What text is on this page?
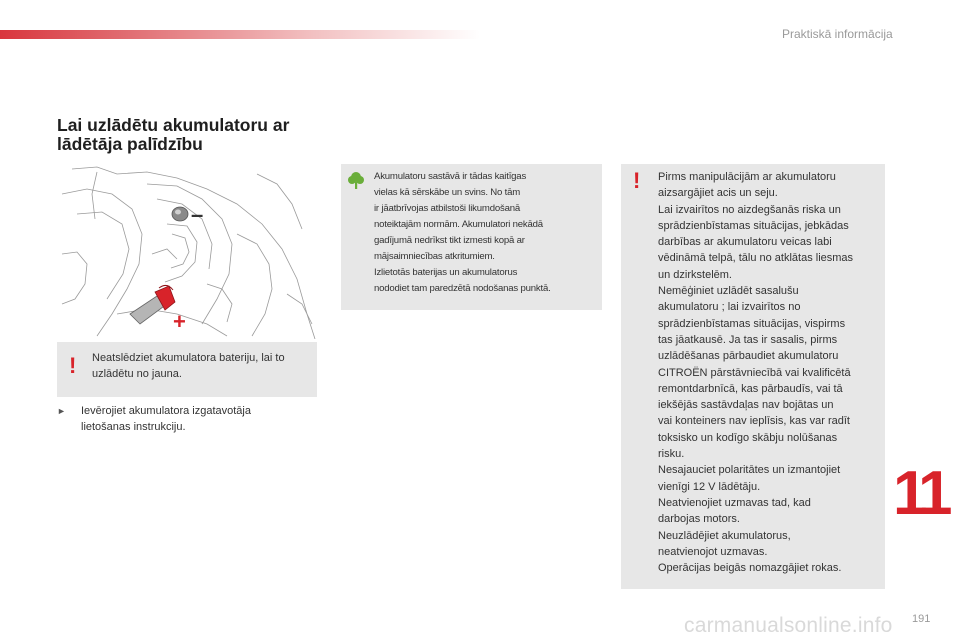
Praktiskā informācija
Lai uzlādētu akumulatoru ar
lādētāja palīdzību
–
+
! Neatslēdziet akumulatora bateriju, lai to

uzlādētu no jauna.

► Ievērojiet akumulatora izgatavotāja

lietošanas instrukciju.

Akumulatoru sastāvā ir tādas kaitīgas

vielas kā sērskābe un svins. No tām

ir jāatbrīvojas atbilstoši likumdošanā

noteiktajām normām. Akumulatori nekādā

gadījumā nedrīkst tikt izmesti kopā ar

mājsaimniecības atkritumiem.

Izlietotās baterijas un akumulatorus

nododiet tam paredzētā nodošanas punktā.

! Pirms manipulācijām ar akumulatoru

aizsargājiet acis un seju.

Lai izvairītos no aizdegšanās riska un

sprādzienbīstamas situācijas, jebkādas

darbības ar akumulatoru veicas labi

vēdināmā telpā, tālu no atklātas liesmas

un dzirkstelēm.

Nemēģiniet uzlādēt sasalušu

akumulatoru ; lai izvairītos no

sprādzienbīstamas situācijas, vispirms

tas jāatkausē. Ja tas ir sasalis, pirms

uzlādēšanas pārbaudiet akumulatoru

CITROËN pārstāvniecībā vai kvalificētā

remontdarbnīcā, kas pārbaudīs, vai tā

iekšējās sastāvdaļas nav bojātas un

vai konteiners nav ieplīsis, kas var radīt

toksisko un kodīgo skābju nolūšanas

risku.

Nesajauciet polaritātes un izmantojiet

vienīgi 12 V lādētāju.

Neatvienojiet uzmavas tad, kad

darbojas motors.

Neuzlādējiet akumulatorus,

neatvienojot uzmavas.

Operācijas beigās nomazgājiet rokas.

11
carmanualsonline.info 191
